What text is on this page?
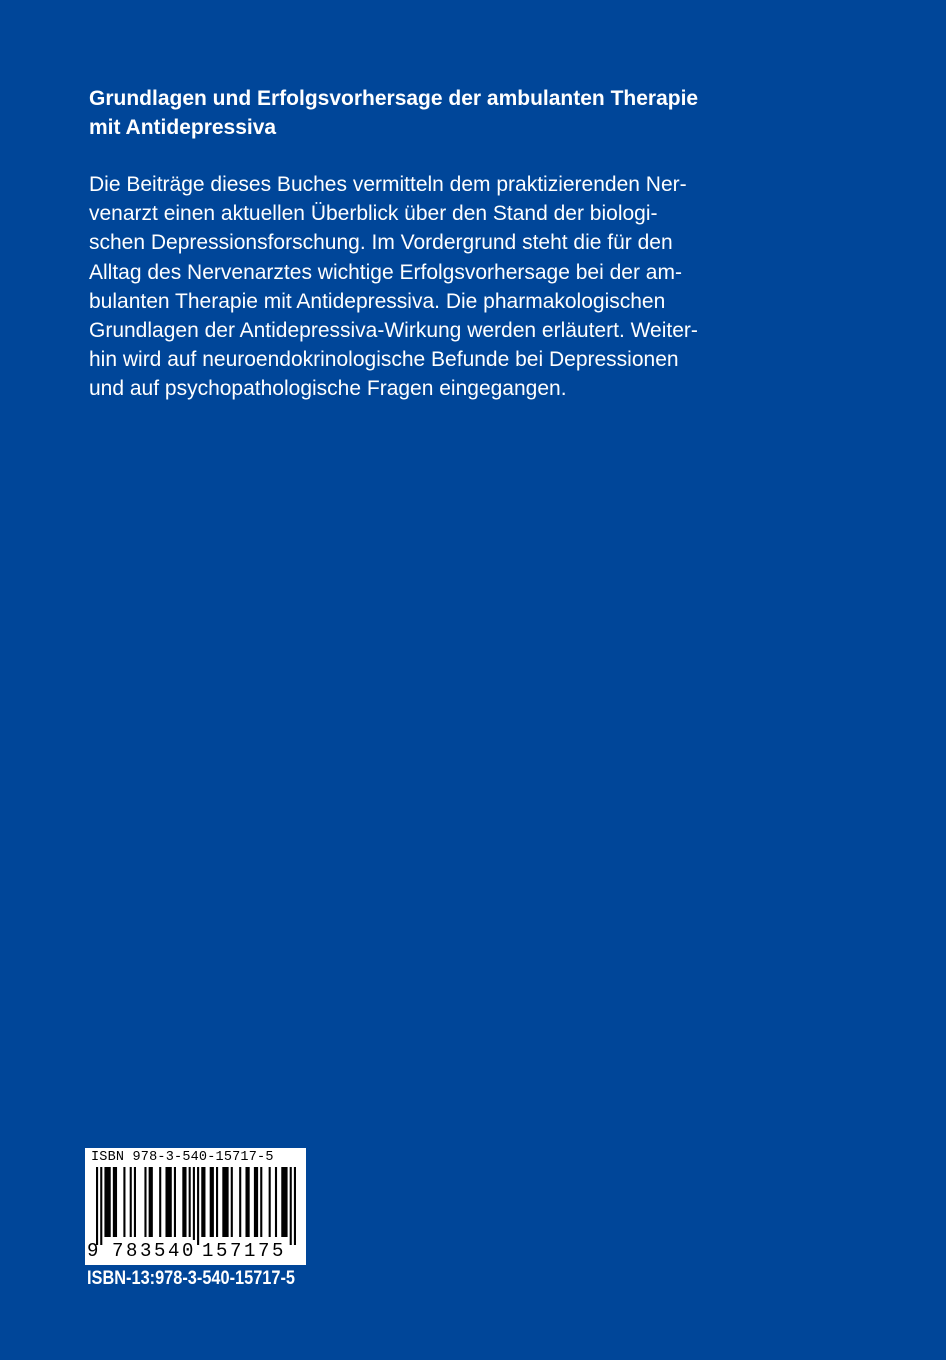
Grundlagen und Erfolgsvorhersage der ambulanten Therapie
mit Antidepressiva
Die Beiträge dieses Buches vermitteln dem praktizierenden Ner-
venarzt einen aktuellen Überblick über den Stand der biologi-
schen Depressionsforschung. Im Vordergrund steht die für den
Alltag des Nervenarztes wichtige Erfolgsvorhersage bei der am-
bulanten Therapie mit Antidepressiva. Die pharmakologischen
Grundlagen der Antidepressiva-Wirkung werden erläutert. Weiter-
hin wird auf neuroendokrinologische Befunde bei Depressionen
und auf psychopathologische Fragen eingegangen.
ISBN 978-3-540-15717-5
9 783540 157175
ISBN-13:978-3-540-15717-5
